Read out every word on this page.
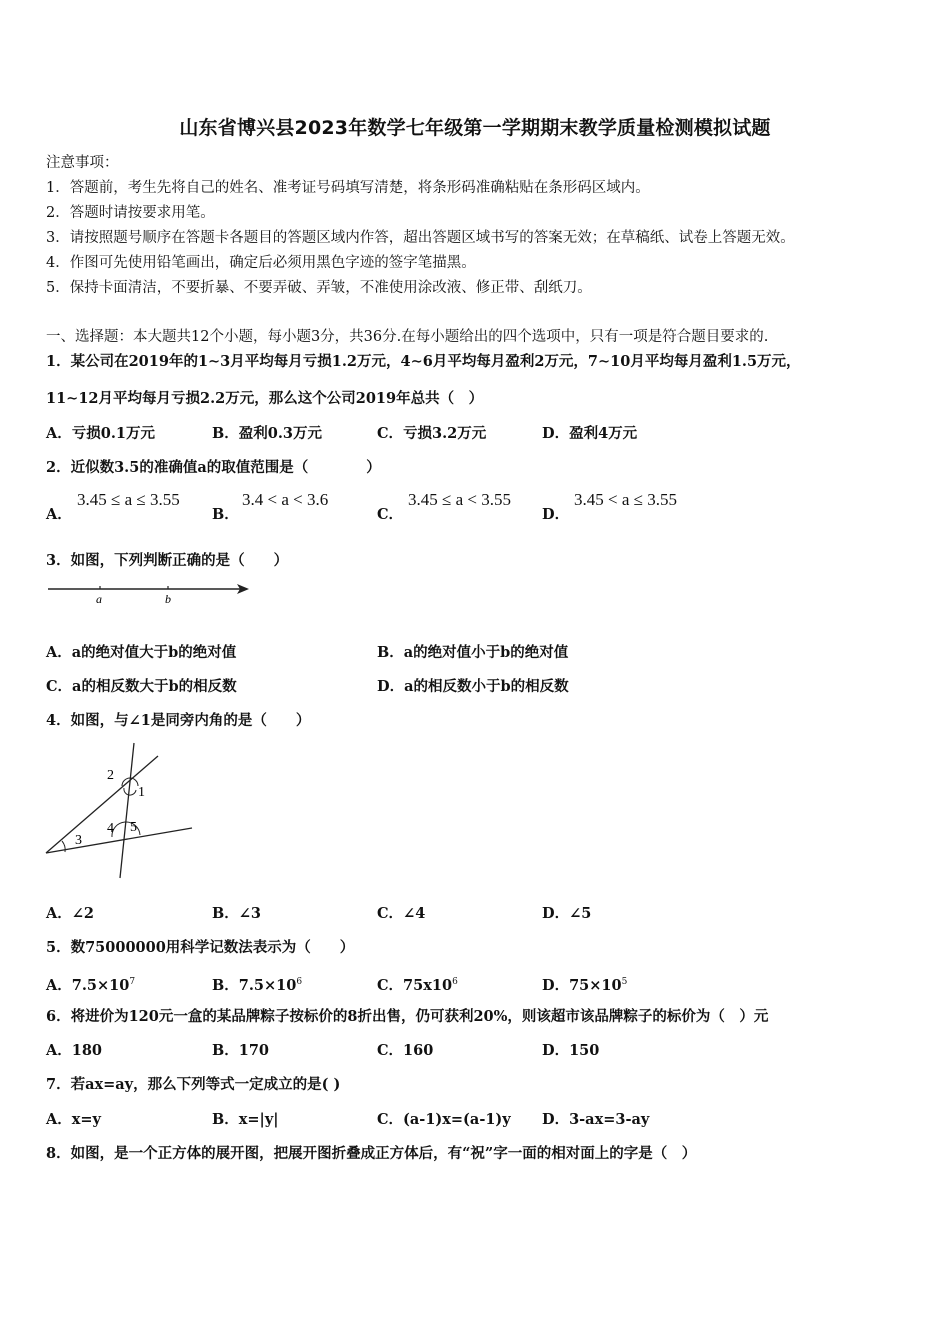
山东省博兴县2023年数学七年级第一学期期末教学质量检测模拟试题
注意事项：
1．答题前，考生先将自己的姓名、准考证号码填写清楚，将条形码准确粘贴在条形码区域内。
2．答题时请按要求用笔。
3．请按照题号顺序在答题卡各题目的答题区域内作答，超出答题区域书写的答案无效；在草稿纸、试卷上答题无效。
4．作图可先使用铅笔画出，确定后必须用黑色字迹的签字笔描黑。
5．保持卡面清洁，不要折暴、不要弄破、弄皱，不准使用涂改液、修正带、刮纸刀。
一、选择题：本大题共12个小题，每小题3分，共36分.在每小题给出的四个选项中，只有一项是符合题目要求的.
1．某公司在2019年的1∼3月平均每月亏损1.2万元，4∼6月平均每月盈利2万元，7∼10月平均每月盈利1.5万元，
11∼12月平均每月亏损2.2万元，那么这个公司2019年总共（　）
A．亏损0.1万元	B．盈利0.3万元	C．亏损3.2万元	D．盈利4万元
2．近似数3.5的准确值a的取值范围是（　　　　）
A．
3.45 ≤ a ≤ 3.55
B．
3.4 < a < 3.6
C．
3.45 ≤ a < 3.55
D．
3.45 < a ≤ 3.55
3．如图，下列判断正确的是（　　）
a	b
A．a的绝对值大于b的绝对值	B．a的绝对值小于b的绝对值
C．a的相反数大于b的相反数	D．a的相反数小于b的相反数
4．如图，与∠1是同旁内角的是（　　）
2
1
3
4 5
A．∠2	B．∠3	C．∠4	D．∠5
5．数75000000用科学记数法表示为（　　）
A．$7.5\times 10^7$	B．$7.5\times 10^6$	C．$75x10^6$	D．$75\times 10^5$
6．将进价为120元一盒的某品牌粽子按标价的8折出售，仍可获利20%，则该超市该品牌粽子的标价为（　）元
A．180	B．170	C．160	D．150
7．若ax=ay，那么下列等式一定成立的是( )
A．x=y	B．x=|y|	C．(a-1)x=(a-1)y D．3-ax=3-ay
8．如图，是一个正方体的展开图，把展开图折叠成正方体后，有“祝”字一面的相对面上的字是（　）
